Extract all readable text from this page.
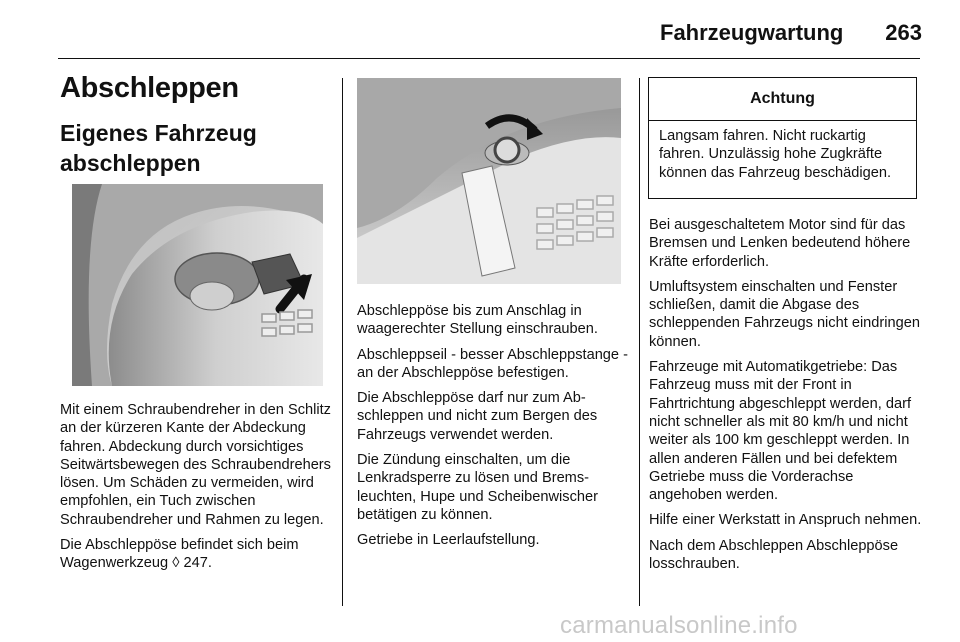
Fahrzeugwartung	263
Abschleppen
Eigenes Fahrzeug abschleppen

Mit einem Schraubendreher in den Schlitz an der kürzeren Kante der Abdeckung fahren. Abdeckung durch vorsichtiges Seitwärtsbewegen des Schraubendrehers lösen. Um Schäden zu vermeiden, wird empfohlen, ein Tuch zwischen Schraubendreher und Rahmen zu legen.

Die Abschleppöse befindet sich beim Wagenwerkzeug ◊ 247.

Abschleppöse bis zum Anschlag in waagerechter Stellung einschrauben.

Abschleppseil - besser Abschleppstange - an der Abschleppöse befestigen.

Die Abschleppöse darf nur zum Abschleppen und nicht zum Bergen des Fahrzeugs verwendet werden.

Die Zündung einschalten, um die Lenkradsperre zu lösen und Bremsleuchten, Hupe und Scheibenwischer betätigen zu können.

Getriebe in Leerlaufstellung.

Achtung
Langsam fahren. Nicht ruckartig fahren. Unzulässig hohe Zugkräfte können das Fahrzeug beschädigen.

Bei ausgeschaltetem Motor sind für das Bremsen und Lenken bedeutend höhere Kräfte erforderlich.

Umluftsystem einschalten und Fenster schließen, damit die Abgase des schleppenden Fahrzeugs nicht eindringen können.

Fahrzeuge mit Automatikgetriebe: Das Fahrzeug muss mit der Front in Fahrtrichtung abgeschleppt werden, darf nicht schneller als mit 80 km/h und nicht weiter als 100 km geschleppt werden. In allen anderen Fällen und bei defektem Getriebe muss die Vorderachse angehoben werden.

Hilfe einer Werkstatt in Anspruch nehmen.

Nach dem Abschleppen Abschleppöse losschrauben.

carmanualsonline.info
